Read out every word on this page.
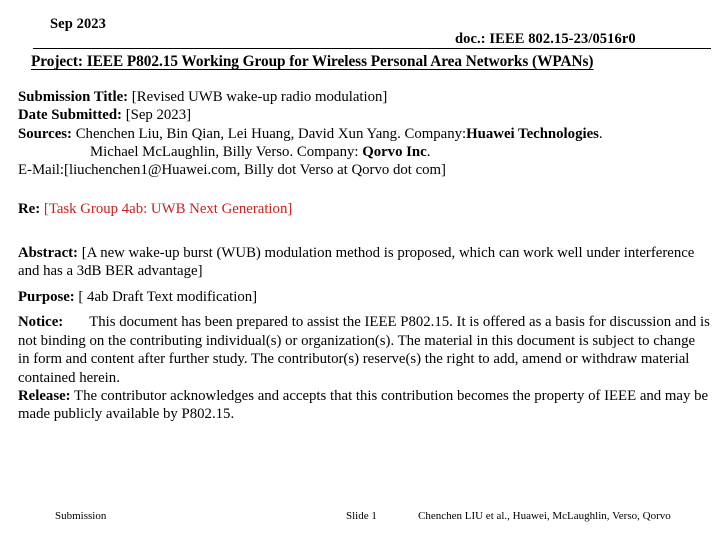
Sep 2023
doc.: IEEE 802.15-23/0516r0
Project: IEEE P802.15 Working Group for Wireless Personal Area Networks (WPANs)
Submission Title: [Revised UWB wake-up radio modulation]
Date Submitted: [Sep 2023]
Sources: Chenchen Liu, Bin Qian, Lei Huang, David Xun Yang. Company:Huawei Technologies.
Michael McLaughlin, Billy Verso. Company: Qorvo Inc.
E-Mail:[liuchenchen1@Huawei.com, Billy dot Verso at Qorvo dot com]
Re: [Task Group 4ab: UWB Next Generation]
Abstract: [A new wake-up burst (WUB) modulation method is proposed, which can work well under interference and has a 3dB BER advantage]
Purpose: [ 4ab Draft Text modification]
Notice: This document has been prepared to assist the IEEE P802.15. It is offered as a basis for discussion and is not binding on the contributing individual(s) or organization(s). The material in this document is subject to change in form and content after further study. The contributor(s) reserve(s) the right to add, amend or withdraw material contained herein.
Release: The contributor acknowledges and accepts that this contribution becomes the property of IEEE and may be made publicly available by P802.15.
Submission	Slide 1	Chenchen LIU et al., Huawei, McLaughlin, Verso, Qorvo
